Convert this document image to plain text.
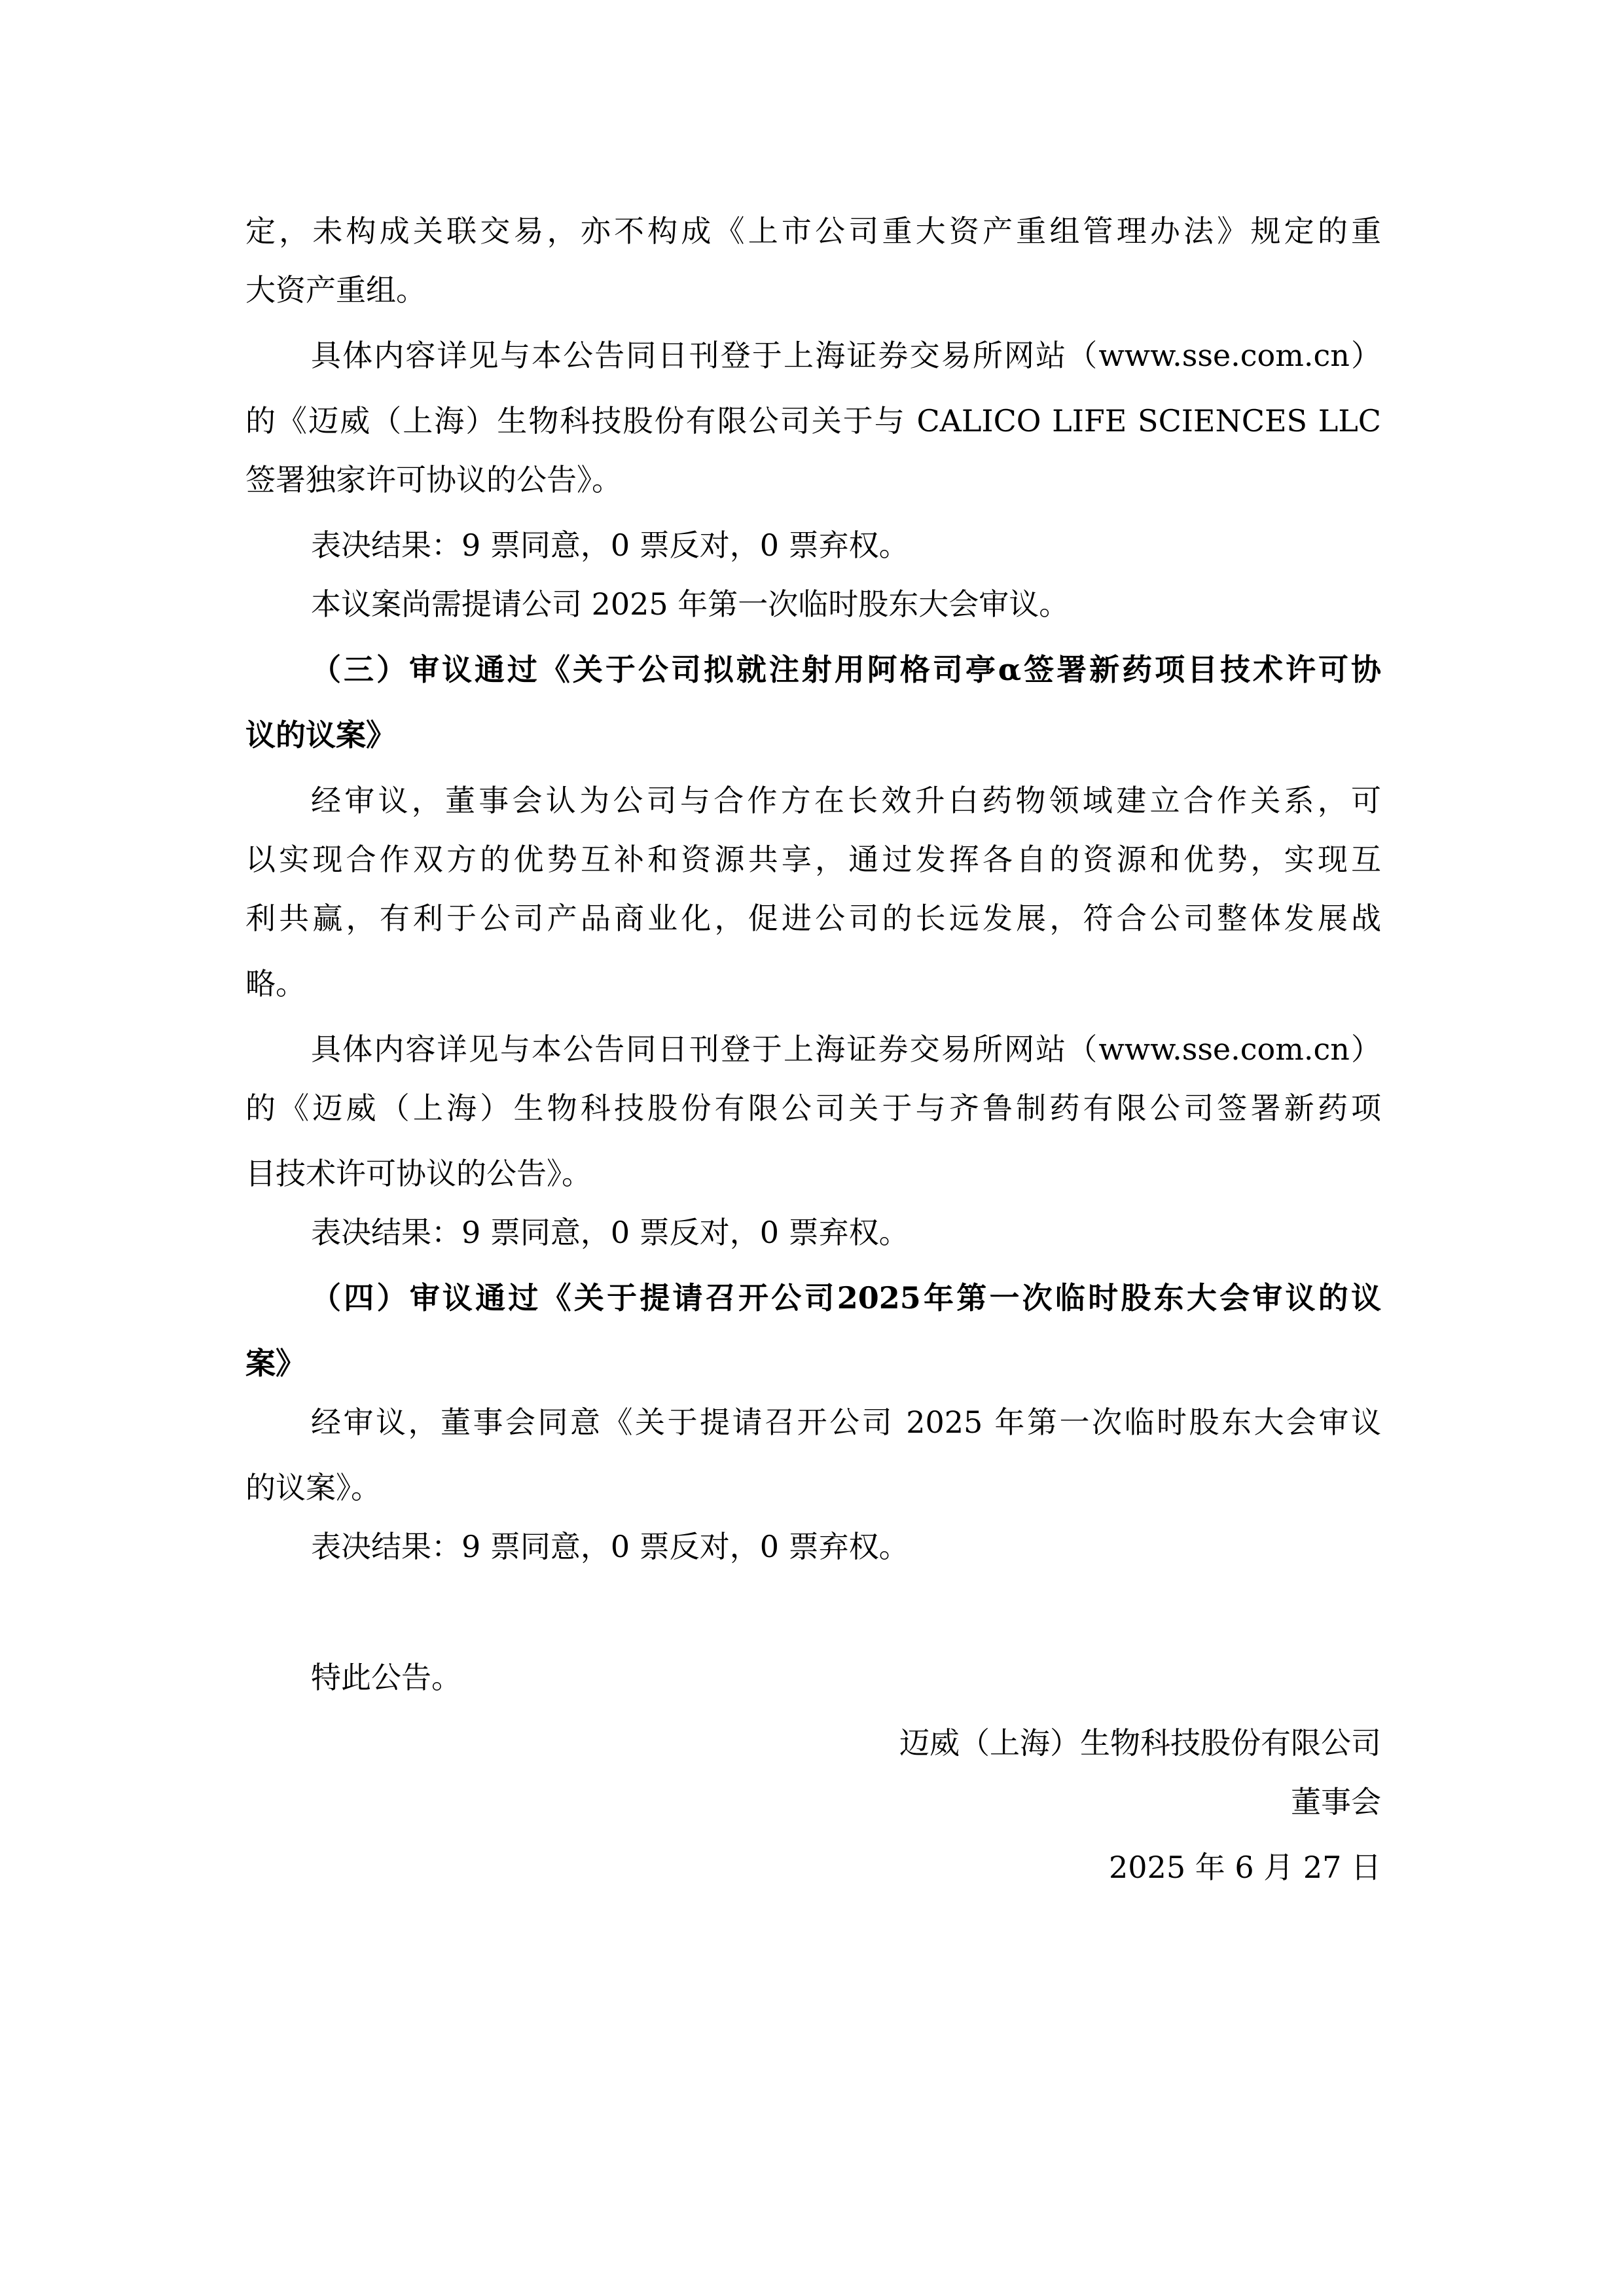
定，未构成关联交易，亦不构成《上市公司重大资产重组管理办法》规定的重
大资产重组。
具体内容详见与本公告同日刊登于上海证券交易所网站（www.sse.com.cn）
的《迈威（上海）生物科技股份有限公司关于与 CALICO LIFE SCIENCES LLC
签署独家许可协议的公告》。
表决结果：9 票同意，0 票反对，0 票弃权。
本议案尚需提请公司 2025 年第一次临时股东大会审议。
（三）审议通过《关于公司拟就注射用阿格司亭α签署新药项目技术许可协
议的议案》
经审议，董事会认为公司与合作方在长效升白药物领域建立合作关系，可
以实现合作双方的优势互补和资源共享，通过发挥各自的资源和优势，实现互
利共赢，有利于公司产品商业化，促进公司的长远发展，符合公司整体发展战
略。
具体内容详见与本公告同日刊登于上海证券交易所网站（www.sse.com.cn）
的《迈威（上海）生物科技股份有限公司关于与齐鲁制药有限公司签署新药项
目技术许可协议的公告》。
表决结果：9 票同意，0 票反对，0 票弃权。
（四）审议通过《关于提请召开公司2025年第一次临时股东大会审议的议
案》
经审议，董事会同意《关于提请召开公司 2025 年第一次临时股东大会审议
的议案》。
表决结果：9 票同意，0 票反对，0 票弃权。
特此公告。
迈威（上海）生物科技股份有限公司
董事会
2025 年 6 月 27 日
